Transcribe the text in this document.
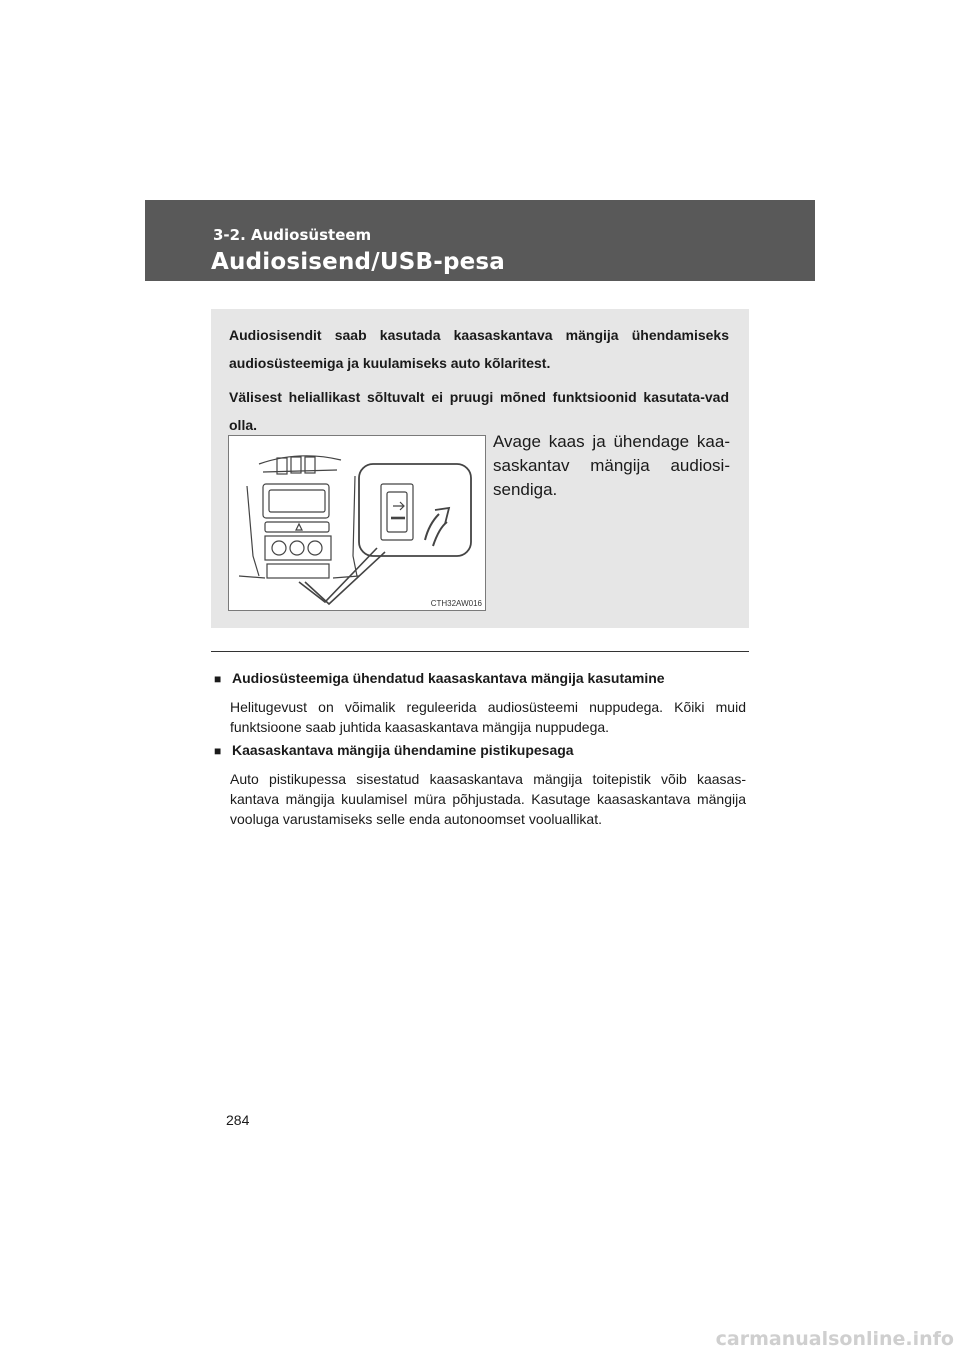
3-2. Audiosüsteem
Audiosisend/USB-pesa

Audiosisendit saab kasutada kaasaskantava mängija ühendamiseks audiosüsteemiga ja kuulamiseks auto kõlaritest.

Välisest heliallikast sõltuvalt ei pruugi mõned funktsioonid kasutata-vad olla.

CTH32AW016
Avage kaas ja ühendage kaa-saskantav mängija audiosi-sendiga.
■ Audiosüsteemiga ühendatud kaasaskantava mängija kasutamine
Helitugevust on võimalik reguleerida audiosüsteemi nuppudega. Kõiki muid funktsioone saab juhtida kaasaskantava mängija nuppudega.
■ Kaasaskantava mängija ühendamine pistikupesaga
Auto pistikupessa sisestatud kaasaskantava mängija toitepistik võib kaasas-kantava mängija kuulamisel müra põhjustada. Kasutage kaasaskantava mängija vooluga varustamiseks selle enda autonoomset vooluallikat.
284
carmanualsonline.info
